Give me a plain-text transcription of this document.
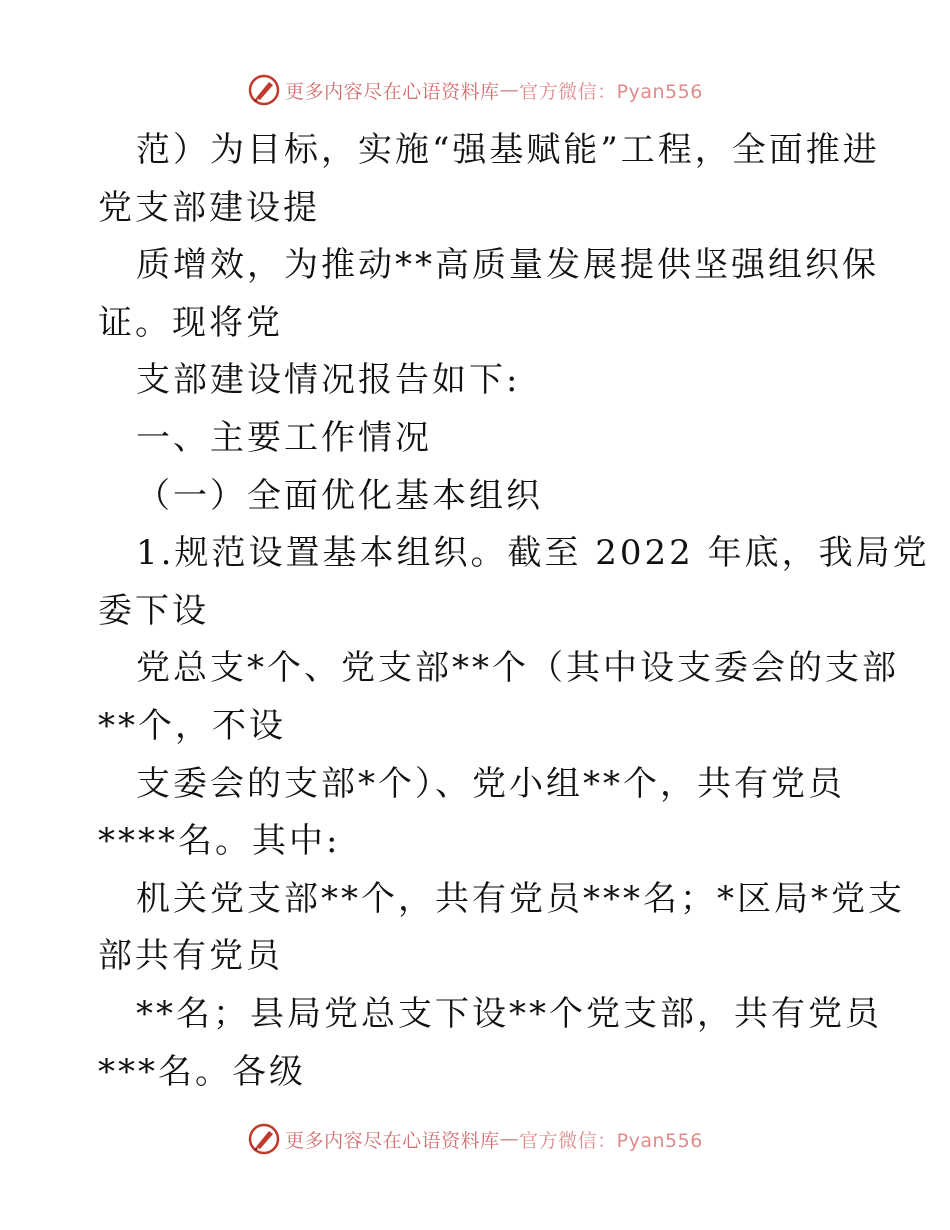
更多内容尽在心语资料库 — 官方微信：Pyan556
范）为目标，实施“强基赋能”工程，全面推进
党支部建设提
质增效，为推动**高质量发展提供坚强组织保
证。现将党
支部建设情况报告如下:
一、主要工作情况
（一）全面优化基本组织
1.规范设置基本组织。截至 2022 年底，我局党
委下设
党总支*个、党支部**个（其中设支委会的支部
**个，不设
支委会的支部*个）、党小组**个，共有党员
****名。其中:
机关党支部**个，共有党员***名；*区局*党支
部共有党员
**名；县局党总支下设**个党支部，共有党员
***名。各级
更多内容尽在心语资料库 — 官方微信：Pyan556
